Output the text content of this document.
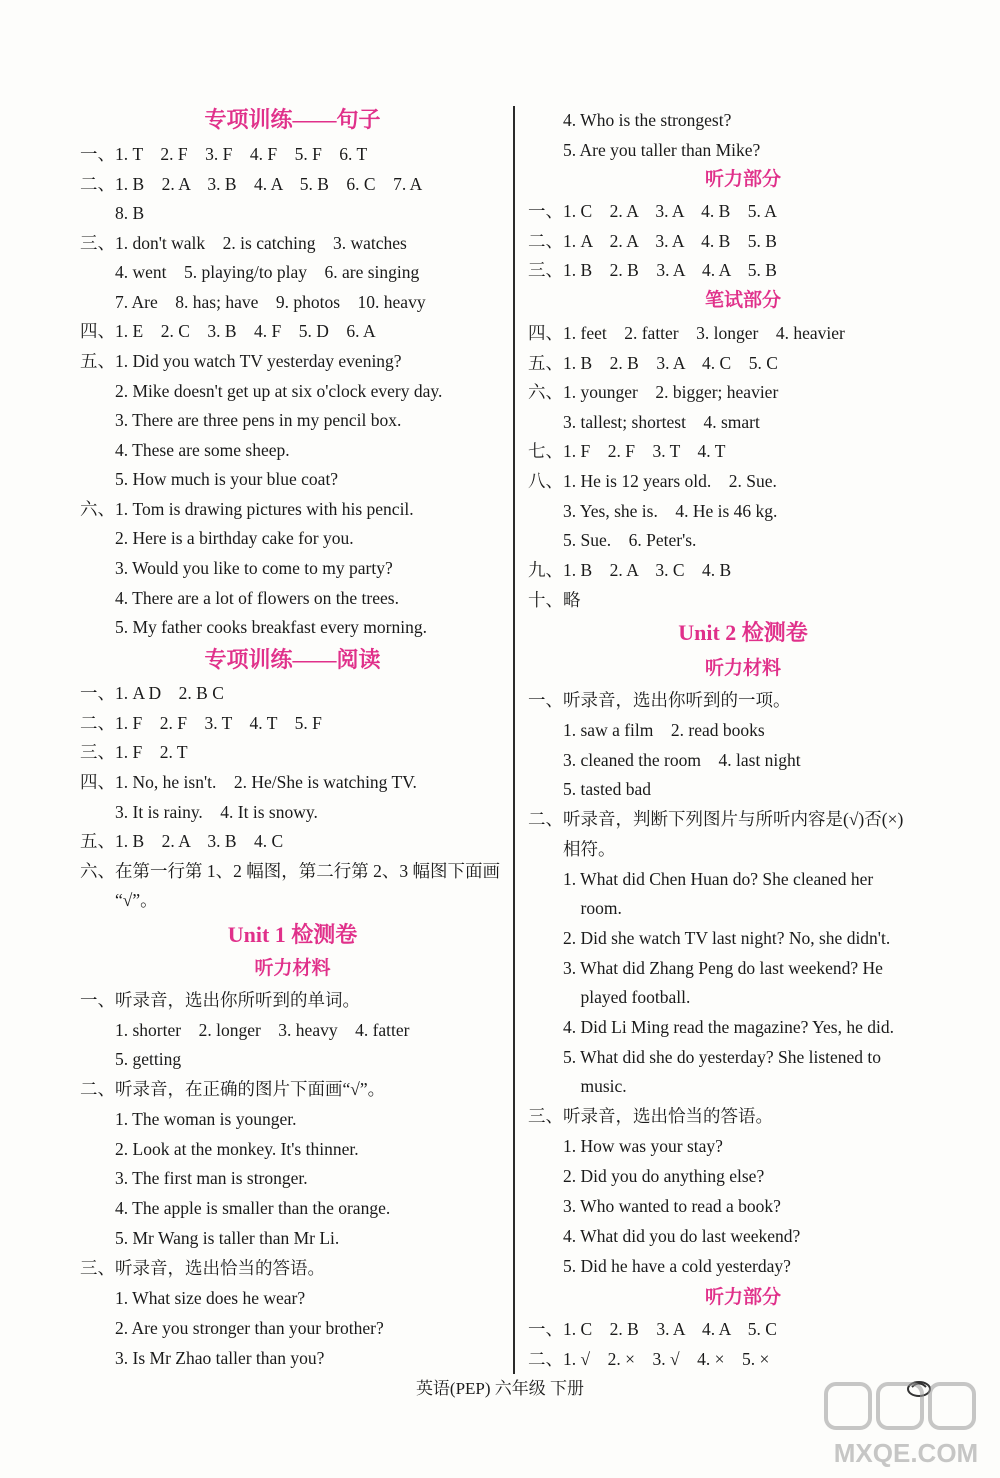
专项训练——句子
一、1. T　2. F　3. F　4. F　5. F　6. T
二、1. B　2. A　3. B　4. A　5. B　6. C　7. A
　　8. B
三、1. don't walk　2. is catching　3. watches
　　4. went　5. playing/to play　6. are singing
　　7. Are　8. has; have　9. photos　10. heavy
四、1. E　2. C　3. B　4. F　5. D　6. A
五、1. Did you watch TV yesterday evening?
　　2. Mike doesn't get up at six o'clock every day.
　　3. There are three pens in my pencil box.
　　4. These are some sheep.
　　5. How much is your blue coat?
六、1. Tom is drawing pictures with his pencil.
　　2. Here is a birthday cake for you.
　　3. Would you like to come to my party?
　　4. There are a lot of flowers on the trees.
　　5. My father cooks breakfast every morning.
专项训练——阅读
一、1. A D　2. B C
二、1. F　2. F　3. T　4. T　5. F
三、1. F　2. T
四、1. No, he isn't.　2. He/She is watching TV.
　　3. It is rainy.　4. It is snowy.
五、1. B　2. A　3. B　4. C
六、在第一行第 1、2 幅图，第二行第 2、3 幅图下面画
　　“√”。
Unit 1 检测卷
听力材料
一、听录音，选出你所听到的单词。
　　1. shorter　2. longer　3. heavy　4. fatter
　　5. getting
二、听录音，在正确的图片下面画“√”。
　　1. The woman is younger.
　　2. Look at the monkey. It's thinner.
　　3. The first man is stronger.
　　4. The apple is smaller than the orange.
　　5. Mr Wang is taller than Mr Li.
三、听录音，选出恰当的答语。
　　1. What size does he wear?
　　2. Are you stronger than your brother?
　　3. Is Mr Zhao taller than you?
　　4. Who is the strongest?
　　5. Are you taller than Mike?
听力部分
一、1. C　2. A　3. A　4. B　5. A
二、1. A　2. A　3. A　4. B　5. B
三、1. B　2. B　3. A　4. A　5. B
笔试部分
四、1. feet　2. fatter　3. longer　4. heavier
五、1. B　2. B　3. A　4. C　5. C
六、1. younger　2. bigger; heavier
　　3. tallest; shortest　4. smart
七、1. F　2. F　3. T　4. T
八、1. He is 12 years old.　2. Sue.
　　3. Yes, she is.　4. He is 46 kg.
　　5. Sue.　6. Peter's.
九、1. B　2. A　3. C　4. B
十、略
Unit 2 检测卷
听力材料
一、听录音，选出你听到的一项。
　　1. saw a film　2. read books
　　3. cleaned the room　4. last night
　　5. tasted bad
二、听录音，判断下列图片与所听内容是(√)否(×)
　　相符。
　　1. What did Chen Huan do? She cleaned her
　　　room.
　　2. Did she watch TV last night? No, she didn't.
　　3. What did Zhang Peng do last weekend? He
　　　played football.
　　4. Did Li Ming read the magazine? Yes, he did.
　　5. What did she do yesterday? She listened to
　　　music.
三、听录音，选出恰当的答语。
　　1. How was your stay?
　　2. Did you do anything else?
　　3. Who wanted to read a book?
　　4. What did you do last weekend?
　　5. Did he have a cold yesterday?
听力部分
一、1. C　2. B　3. A　4. A　5. C
二、1. √　2. ×　3. √　4. ×　5. ×
英语(PEP) 六年级 下册
MXQE.COM
